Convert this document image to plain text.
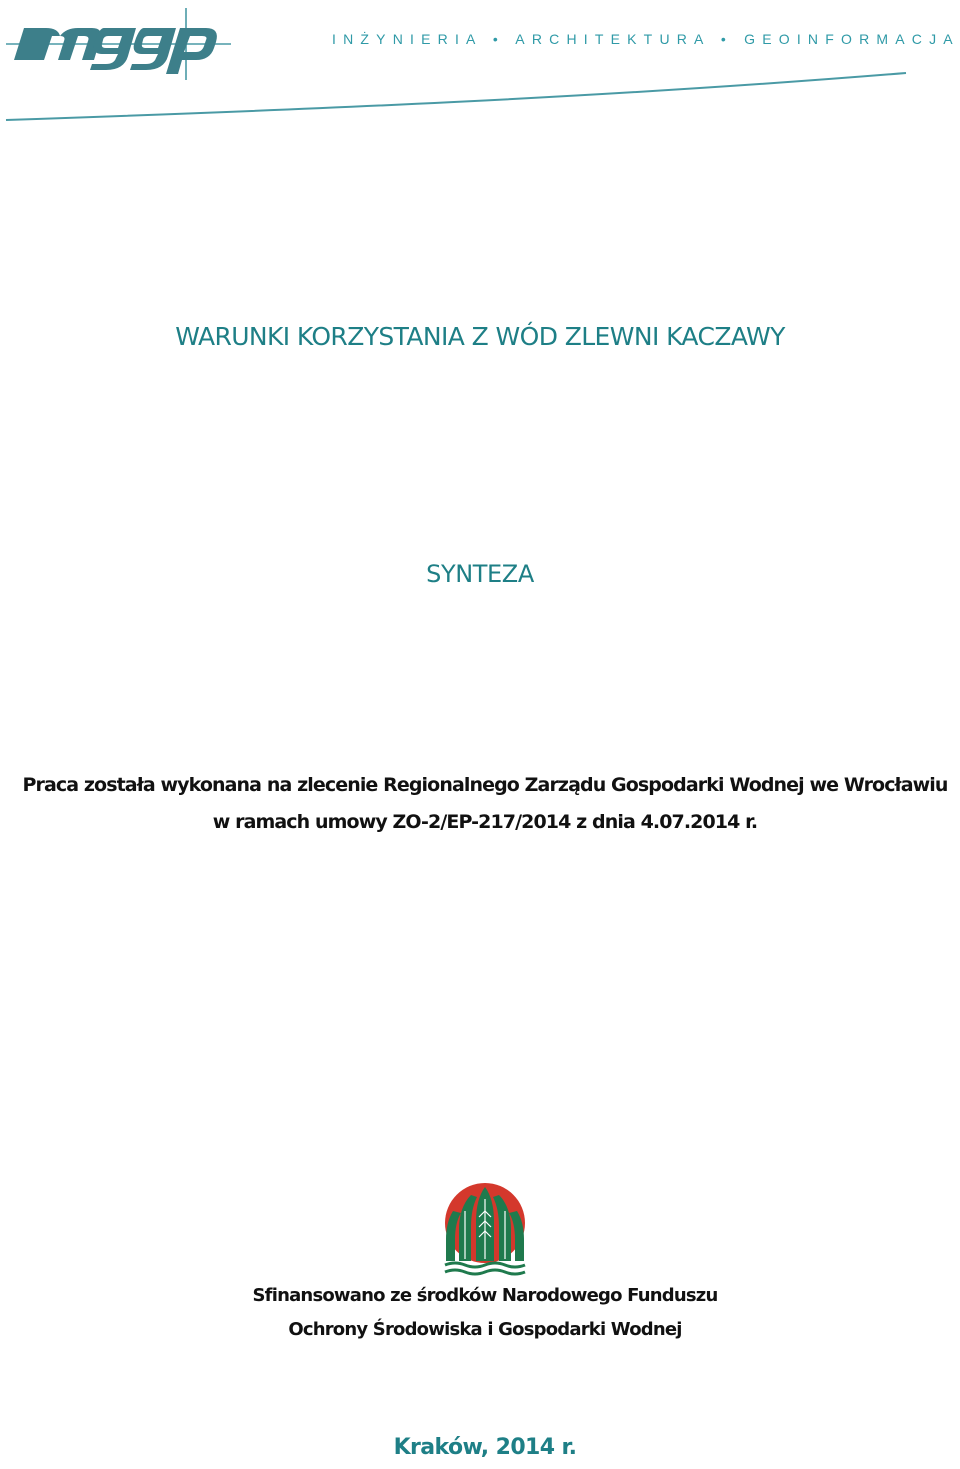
INŻYNIERIA • ARCHITEKTURA • GEOINFORMACJA
WARUNKI KORZYSTANIA Z WÓD ZLEWNI KACZAWY
SYNTEZA
Praca została wykonana na zlecenie Regionalnego Zarządu Gospodarki Wodnej we Wrocławiu
w ramach umowy ZO-2/EP-217/2014 z dnia 4.07.2014 r.
Sfinansowano ze środków Narodowego Funduszu
Ochrony Środowiska i Gospodarki Wodnej
Kraków, 2014 r.
